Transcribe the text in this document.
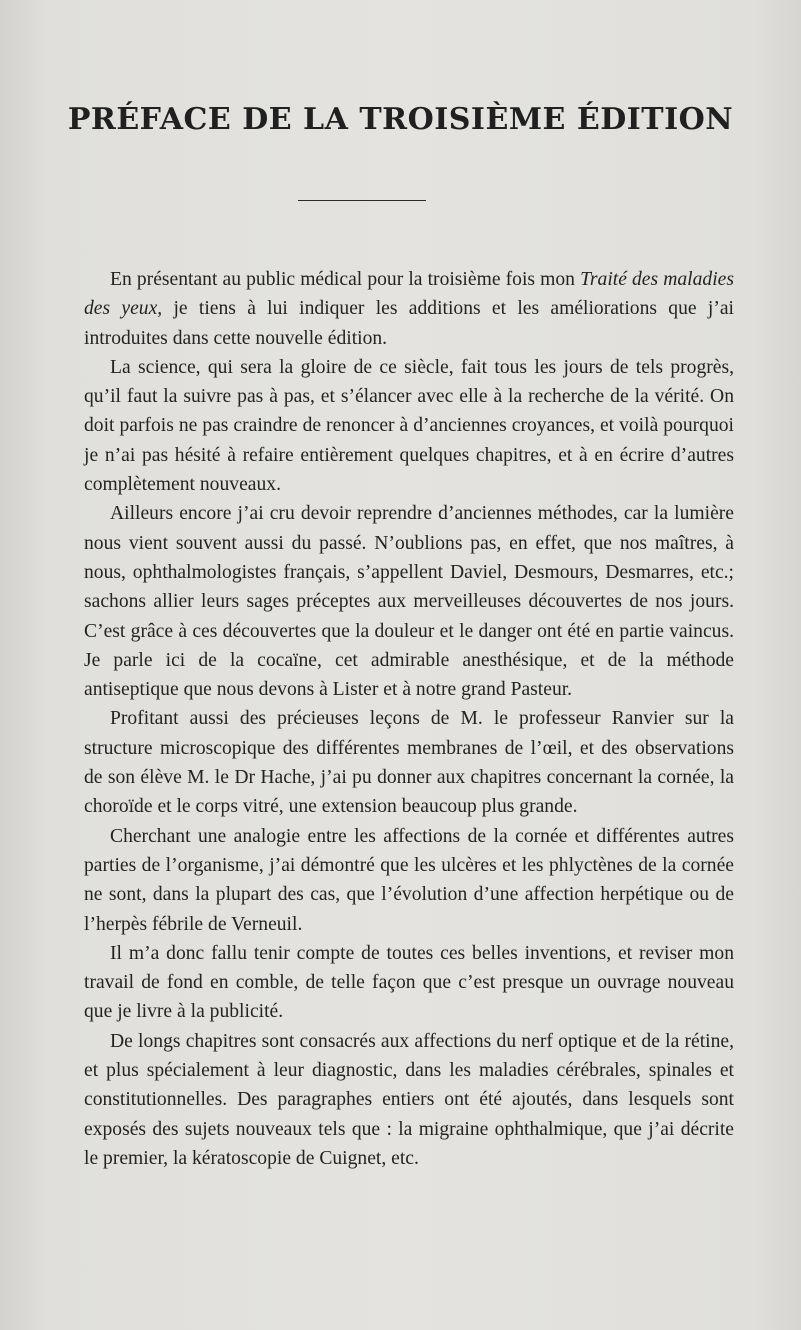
PRÉFACE DE LA TROISIÈME ÉDITION

En présentant au public médical pour la troisième fois mon Traité des maladies des yeux, je tiens à lui indiquer les additions et les améliorations que j’ai introduites dans cette nouvelle édition.

La science, qui sera la gloire de ce siècle, fait tous les jours de tels progrès, qu’il faut la suivre pas à pas, et s’élancer avec elle à la recherche de la vérité. On doit parfois ne pas craindre de renoncer à d’anciennes croyances, et voilà pourquoi je n’ai pas hésité à refaire entièrement quelques chapitres, et à en écrire d’autres complètement nouveaux.

Ailleurs encore j’ai cru devoir reprendre d’anciennes méthodes, car la lumière nous vient souvent aussi du passé. N’oublions pas, en effet, que nos maîtres, à nous, ophthalmologistes français, s’appellent Daviel, Desmours, Desmarres, etc.; sachons allier leurs sages préceptes aux merveilleuses découvertes de nos jours. C’est grâce à ces découvertes que la douleur et le danger ont été en partie vaincus. Je parle ici de la cocaïne, cet admirable anesthésique, et de la méthode antiseptique que nous devons à Lister et à notre grand Pasteur.

Profitant aussi des précieuses leçons de M. le professeur Ranvier sur la structure microscopique des différentes membranes de l’œil, et des observations de son élève M. le Dr Hache, j’ai pu donner aux chapitres concernant la cornée, la choroïde et le corps vitré, une extension beaucoup plus grande.

Cherchant une analogie entre les affections de la cornée et différentes autres parties de l’organisme, j’ai démontré que les ulcères et les phlyctènes de la cornée ne sont, dans la plupart des cas, que l’évolution d’une affection herpétique ou de l’herpès fébrile de Verneuil.

Il m’a donc fallu tenir compte de toutes ces belles inventions, et reviser mon travail de fond en comble, de telle façon que c’est presque un ouvrage nouveau que je livre à la publicité.

De longs chapitres sont consacrés aux affections du nerf optique et de la rétine, et plus spécialement à leur diagnostic, dans les maladies cérébrales, spinales et constitutionnelles. Des paragraphes entiers ont été ajoutés, dans lesquels sont exposés des sujets nouveaux tels que : la migraine ophthalmique, que j’ai décrite le premier, la kératoscopie de Cuignet, etc.
